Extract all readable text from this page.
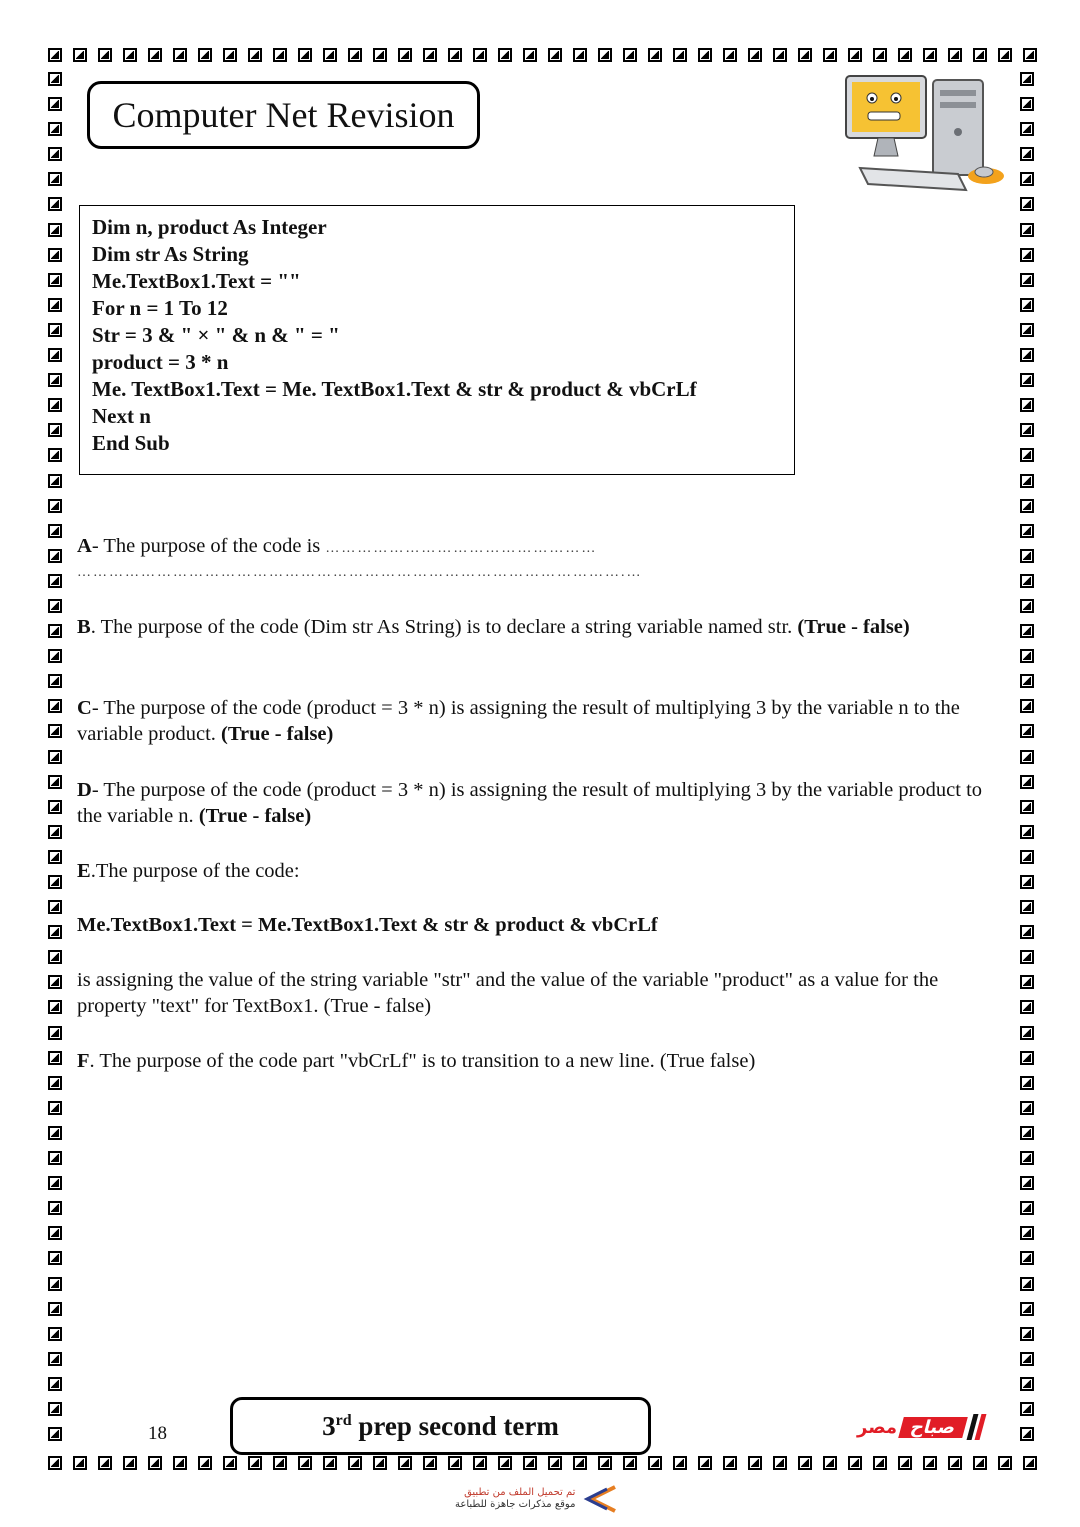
Computer Net Revision
Dim n, product As Integer
Dim str As String
Me.TextBox1.Text = ""
For n = 1 To 12
Str = 3 & " × " & n & " = "
product = 3 * n
Me. TextBox1.Text = Me. TextBox1.Text & str & product & vbCrLf
Next n
End Sub
A- The purpose of the code is ……………………………………………
………………………………………………………………………………………….…
B. The purpose of the code (Dim str As String) is to declare a string variable named str. (True - false)
C- The purpose of the code (product = 3 * n) is assigning the result of multiplying 3 by the variable n to the variable product. (True - false)
D- The purpose of the code (product = 3 * n) is assigning the result of multiplying 3 by the variable product to the variable n. (True - false)
E.The purpose of the code:
Me.TextBox1.Text = Me.TextBox1.Text & str & product & vbCrLf
is assigning the value of the string variable "str" and the value of the variable "product" as a value for the property "text" for TextBox1. (True - false)
F. The purpose of the code part "vbCrLf" is to transition to a new line. (True false)
18	3rd prep second term	مصر صباح
تم تحميل الملف من تطبيق
موقع مذكرات جاهزة للطباعة
